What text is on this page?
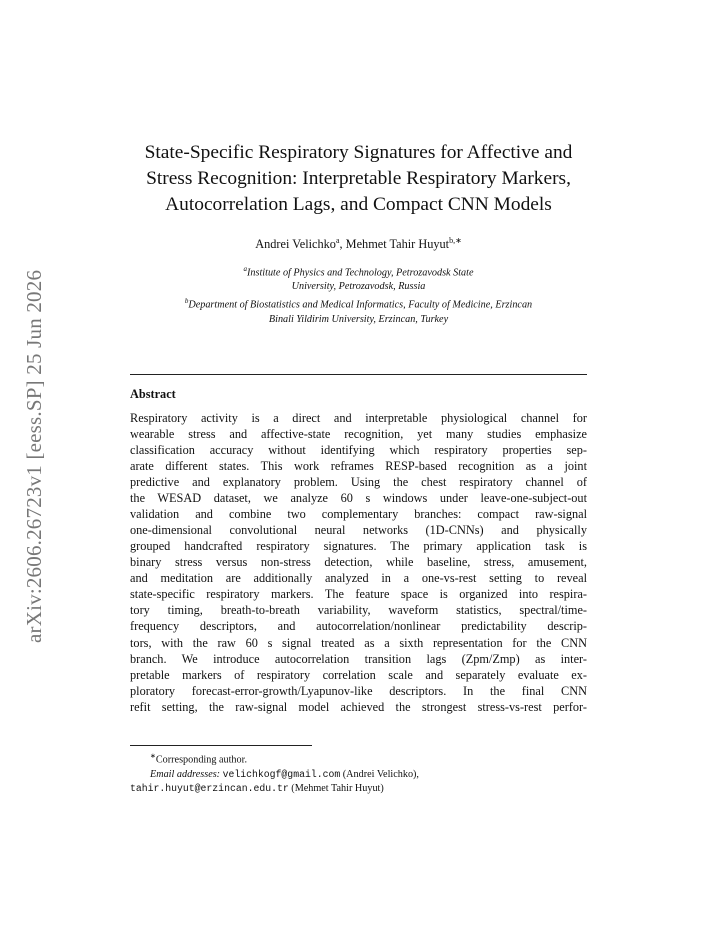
arXiv:2606.26723v1 [eess.SP] 25 Jun 2026
State-Specific Respiratory Signatures for Affective and
Stress Recognition: Interpretable Respiratory Markers,
Autocorrelation Lags, and Compact CNN Models
Andrei Velichko$^a$, Mehmet Tahir Huyut$^{b,∗}$
$^a$Institute of Physics and Technology, Petrozavodsk State
University, Petrozavodsk, Russia
$^b$Department of Biostatistics and Medical Informatics, Faculty of Medicine, Erzincan
Binali Yildirim University, Erzincan, Turkey
Abstract
Respiratory activity is a direct and interpretable physiological channel for
wearable stress and affective-state recognition, yet many studies emphasize
classification accuracy without identifying which respiratory properties sep-
arate different states. This work reframes RESP-based recognition as a joint
predictive and explanatory problem. Using the chest respiratory channel of
the WESAD dataset, we analyze 60 s windows under leave-one-subject-out
validation and combine two complementary branches: compact raw-signal
one-dimensional convolutional neural networks (1D-CNNs) and physically
grouped handcrafted respiratory signatures. The primary application task is
binary stress versus non-stress detection, while baseline, stress, amusement,
and meditation are additionally analyzed in a one-vs-rest setting to reveal
state-specific respiratory markers. The feature space is organized into respira-
tory timing, breath-to-breath variability, waveform statistics, spectral/time-
frequency descriptors, and autocorrelation/nonlinear predictability descrip-
tors, with the raw 60 s signal treated as a sixth representation for the CNN
branch. We introduce autocorrelation transition lags (Zpm/Zmp) as inter-
pretable markers of respiratory correlation scale and separately evaluate ex-
ploratory forecast-error-growth/Lyapunov-like descriptors. In the final CNN
refit setting, the raw-signal model achieved the strongest stress-vs-rest perfor-
∗Corresponding author.
Email addresses: velichkogf@gmail.com (Andrei Velichko),
tahir.huyut@erzincan.edu.tr (Mehmet Tahir Huyut)
